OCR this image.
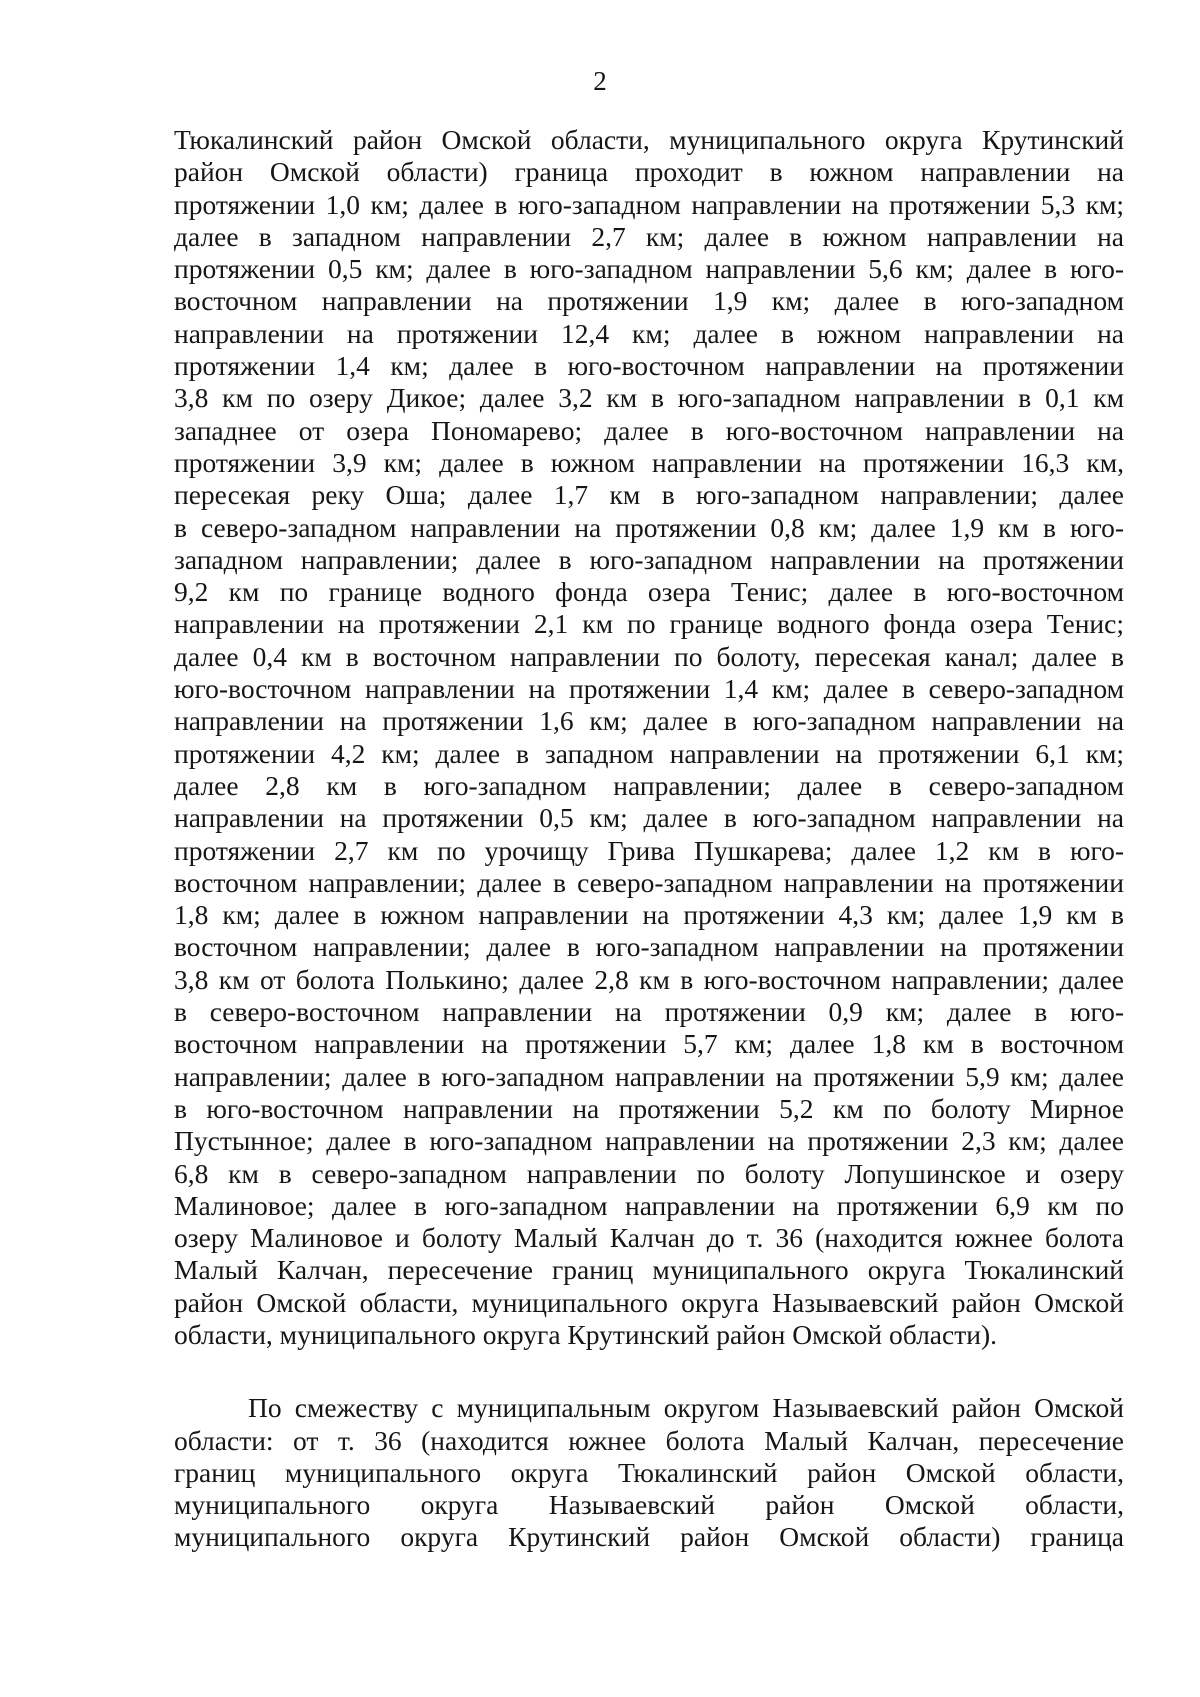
2
Тюкалинский район Омской области, муниципального округа Крутинский
район Омской области) граница проходит в южном направлении на
протяжении 1,0 км; далее в юго-западном направлении на протяжении 5,3 км;
далее в западном направлении 2,7 км; далее в южном направлении на
протяжении 0,5 км; далее в юго-западном направлении 5,6 км; далее в юго-
восточном направлении на протяжении 1,9 км; далее в юго-западном
направлении на протяжении 12,4 км; далее в южном направлении на
протяжении 1,4 км; далее в юго-восточном направлении на протяжении
3,8 км по озеру Дикое; далее 3,2 км в юго-западном направлении в 0,1 км
западнее от озера Пономарево; далее в юго-восточном направлении на
протяжении 3,9 км; далее в южном направлении на протяжении 16,3 км,
пересекая реку Оша; далее 1,7 км в юго-западном направлении; далее
в северо-западном направлении на протяжении 0,8 км; далее 1,9 км в юго-
западном направлении; далее в юго-западном направлении на протяжении
9,2 км по границе водного фонда озера Тенис; далее в юго-восточном
направлении на протяжении 2,1 км по границе водного фонда озера Тенис;
далее 0,4 км в восточном направлении по болоту, пересекая канал; далее в
юго-восточном направлении на протяжении 1,4 км; далее в северо-западном
направлении на протяжении 1,6 км; далее в юго-западном направлении на
протяжении 4,2 км; далее в западном направлении на протяжении 6,1 км;
далее 2,8 км в юго-западном направлении; далее в северо-западном
направлении на протяжении 0,5 км; далее в юго-западном направлении на
протяжении 2,7 км по урочищу Грива Пушкарева; далее 1,2 км в юго-
восточном направлении; далее в северо-западном направлении на протяжении
1,8 км; далее в южном направлении на протяжении 4,3 км; далее 1,9 км в
восточном направлении; далее в юго-западном направлении на протяжении
3,8 км от болота Полькино; далее 2,8 км в юго-восточном направлении; далее
в северо-восточном направлении на протяжении 0,9 км; далее в юго-
восточном направлении на протяжении 5,7 км; далее 1,8 км в восточном
направлении; далее в юго-западном направлении на протяжении 5,9 км; далее
в юго-восточном направлении на протяжении 5,2 км по болоту Мирное
Пустынное; далее в юго-западном направлении на протяжении 2,3 км; далее
6,8 км в северо-западном направлении по болоту Лопушинское и озеру
Малиновое; далее в юго-западном направлении на протяжении 6,9 км по
озеру Малиновое и болоту Малый Калчан до т. 36 (находится южнее болота
Малый Калчан, пересечение границ муниципального округа Тюкалинский
район Омской области, муниципального округа Называевский район Омской
области, муниципального округа Крутинский район Омской области).
По смежеству с муниципальным округом Называевский район Омской
области: от т. 36 (находится южнее болота Малый Калчан, пересечение
границ муниципального округа Тюкалинский район Омской области,
муниципального округа Называевский район Омской области,
муниципального округа Крутинский район Омской области) граница
